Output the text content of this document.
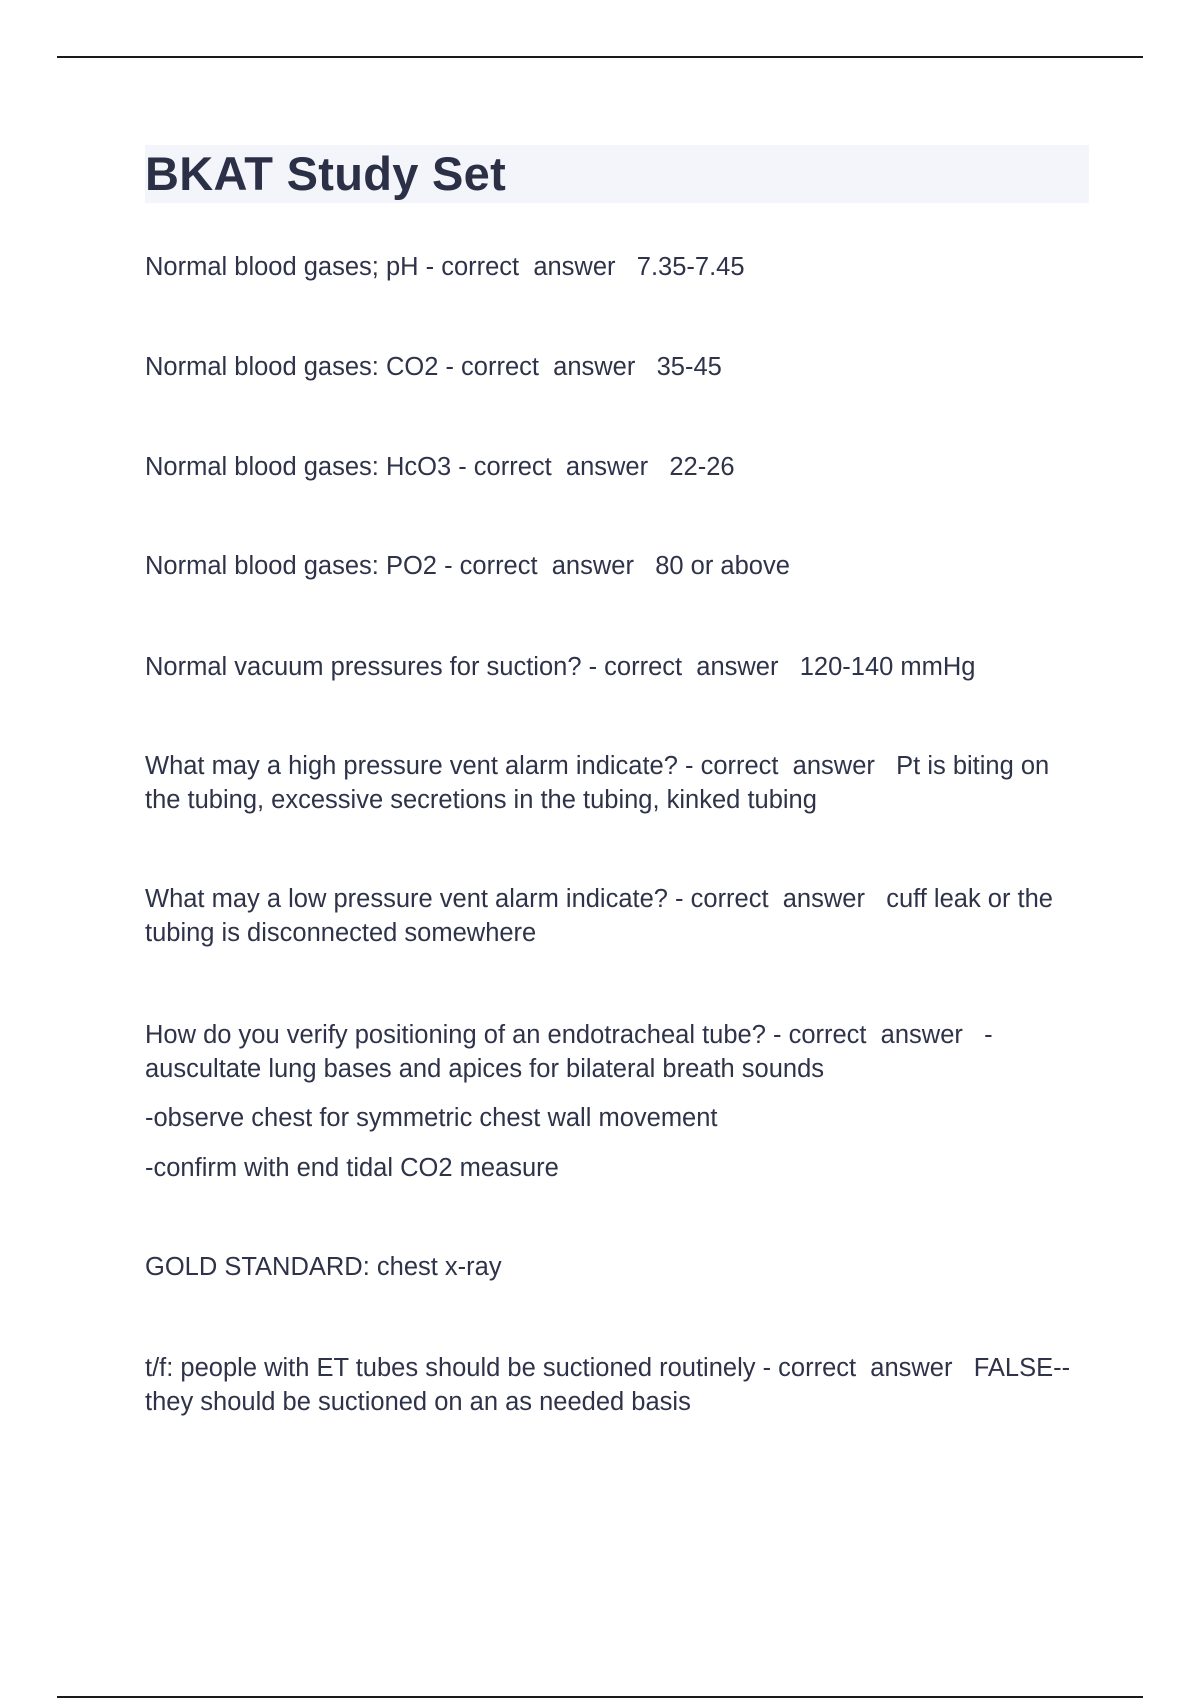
BKAT Study Set

Normal blood gases; pH - correct  answer   7.35-7.45

Normal blood gases: CO2 - correct  answer   35-45

Normal blood gases: HcO3 - correct  answer   22-26

Normal blood gases: PO2 - correct  answer   80 or above

Normal vacuum pressures for suction? - correct  answer   120-140 mmHg

What may a high pressure vent alarm indicate? - correct  answer   Pt is biting on the tubing, excessive secretions in the tubing, kinked tubing

What may a low pressure vent alarm indicate? - correct  answer   cuff leak or the tubing is disconnected somewhere

How do you verify positioning of an endotracheal tube? - correct  answer   -auscultate lung bases and apices for bilateral breath sounds

-observe chest for symmetric chest wall movement

-confirm with end tidal CO2 measure

GOLD STANDARD: chest x-ray

t/f: people with ET tubes should be suctioned routinely - correct  answer   FALSE-- they should be suctioned on an as needed basis
